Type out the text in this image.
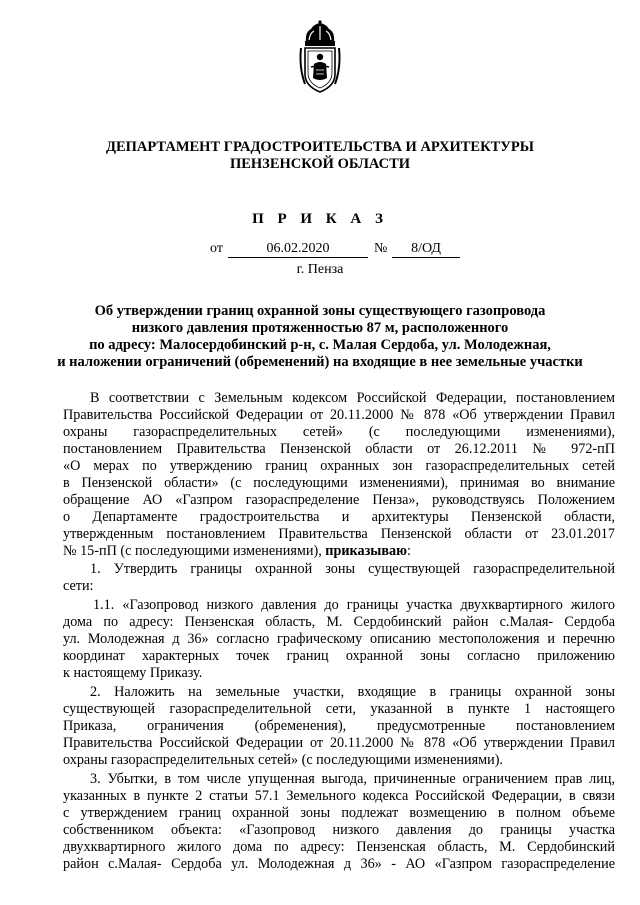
ДЕПАРТАМЕНТ ГРАДОСТРОИТЕЛЬСТВА И АРХИТЕКТУРЫ
ПЕНЗЕНСКОЙ ОБЛАСТИ
П Р И К А З
от	06.02.2020	№	8/ОД
г. Пенза
Об утверждении границ охранной зоны существующего газопровода
низкого давления протяженностью 87 м, расположенного
по адресу: Малосердобинский р-н, с. Малая Сердоба, ул. Молодежная,
и наложении ограничений (обременений) на входящие в нее земельные участки
В соответствии с Земельным кодексом Российской Федерации, постановлением
Правительства Российской Федерации от 20.11.2000 № 878 «Об утверждении Правил
охраны газораспределительных сетей» (с последующими изменениями),
постановлением Правительства Пензенской области от 26.12.2011 № 972-пП
«О мерах по утверждению границ охранных зон газораспределительных сетей
в Пензенской области» (с последующими изменениями), принимая во внимание
обращение АО «Газпром газораспределение Пенза», руководствуясь Положением
о Департаменте градостроительства и архитектуры Пензенской области,
утвержденным постановлением Правительства Пензенской области от 23.01.2017
№ 15-пП (с последующими изменениями), приказываю:
1. Утвердить границы охранной зоны существующей газораспределительной
сети:
1.1. «Газопровод низкого давления до границы участка двухквартирного жилого
дома по адресу: Пензенская область, М. Сердобинский район с.Малая- Сердоба
ул. Молодежная д 36» согласно графическому описанию местоположения и перечню
координат характерных точек границ охранной зоны согласно приложению
к настоящему Приказу.
2. Наложить на земельные участки, входящие в границы охранной зоны
существующей газораспределительной сети, указанной в пункте 1 настоящего
Приказа, ограничения (обременения), предусмотренные постановлением
Правительства Российской Федерации от 20.11.2000 № 878 «Об утверждении Правил
охраны газораспределительных сетей» (с последующими изменениями).
3. Убытки, в том числе упущенная выгода, причиненные ограничением прав лиц,
указанных в пункте 2 статьи 57.1 Земельного кодекса Российской Федерации, в связи
с утверждением границ охранной зоны подлежат возмещению в полном объеме
собственником объекта: «Газопровод низкого давления до границы участка
двухквартирного жилого дома по адресу: Пензенская область, М. Сердобинский
район с.Малая- Сердоба ул. Молодежная д 36» - АО «Газпром газораспределение
